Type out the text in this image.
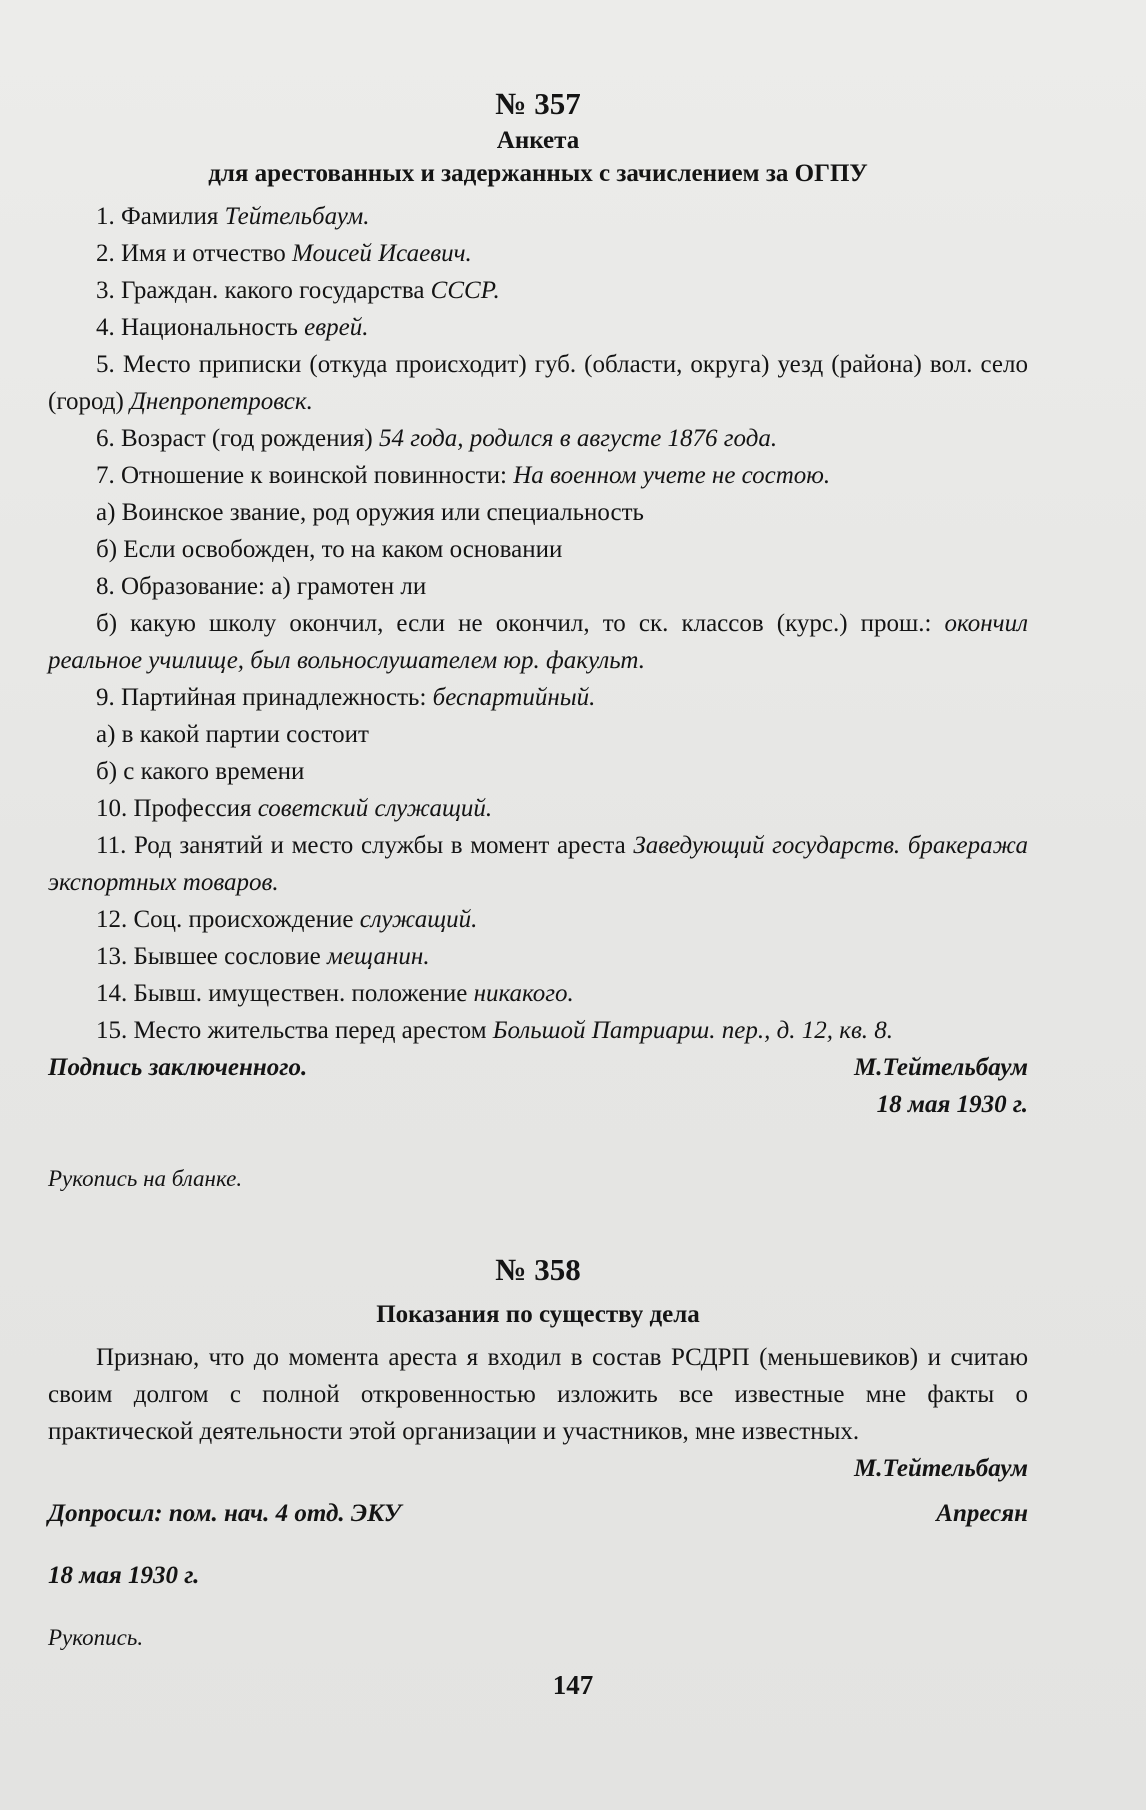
№ 357

Анкета

для арестованных и задержанных с зачислением за ОГПУ

1. Фамилия Тейтельбаум.

2. Имя и отчество Моисей Исаевич.

3. Граждан. какого государства СССР.

4. Национальность еврей.

5. Место приписки (откуда происходит) губ. (области, округа) уезд (района) вол. село (город) Днепропетровск.

6. Возраст (год рождения) 54 года, родился в августе 1876 года.

7. Отношение к воинской повинности: На военном учете не состою.

а) Воинское звание, род оружия или специальность

б) Если освобожден, то на каком основании

8. Образование: а) грамотен ли

б) какую школу окончил, если не окончил, то ск. классов (курс.) прош.: окончил реальное училище, был вольнослушателем юр. факульт.

9. Партийная принадлежность: беспартийный.

а) в какой партии состоит

б) с какого времени

10. Профессия советский служащий.

11. Род занятий и место службы в момент ареста Заведующий государств. бракеража экспортных товаров.

12. Соц. происхождение служащий.

13. Бывшее сословие мещанин.

14. Бывш. имуществен. положение никакого.

15. Место жительства перед арестом Большой Патриарш. пер., д. 12, кв. 8.

Подпись заключенного.	М.Тейтельбаум

18 мая 1930 г.

Рукопись на бланке.

№ 358

Показания по существу дела

Признаю, что до момента ареста я входил в состав РСДРП (меньшевиков) и считаю своим долгом с полной откровенностью изложить все известные мне факты о практической деятельности этой организации и участников, мне известных.

М.Тейтельбаум

Допросил: пом. нач. 4 отд. ЭКУ	Апресян

18 мая 1930 г.

Рукопись.

147
